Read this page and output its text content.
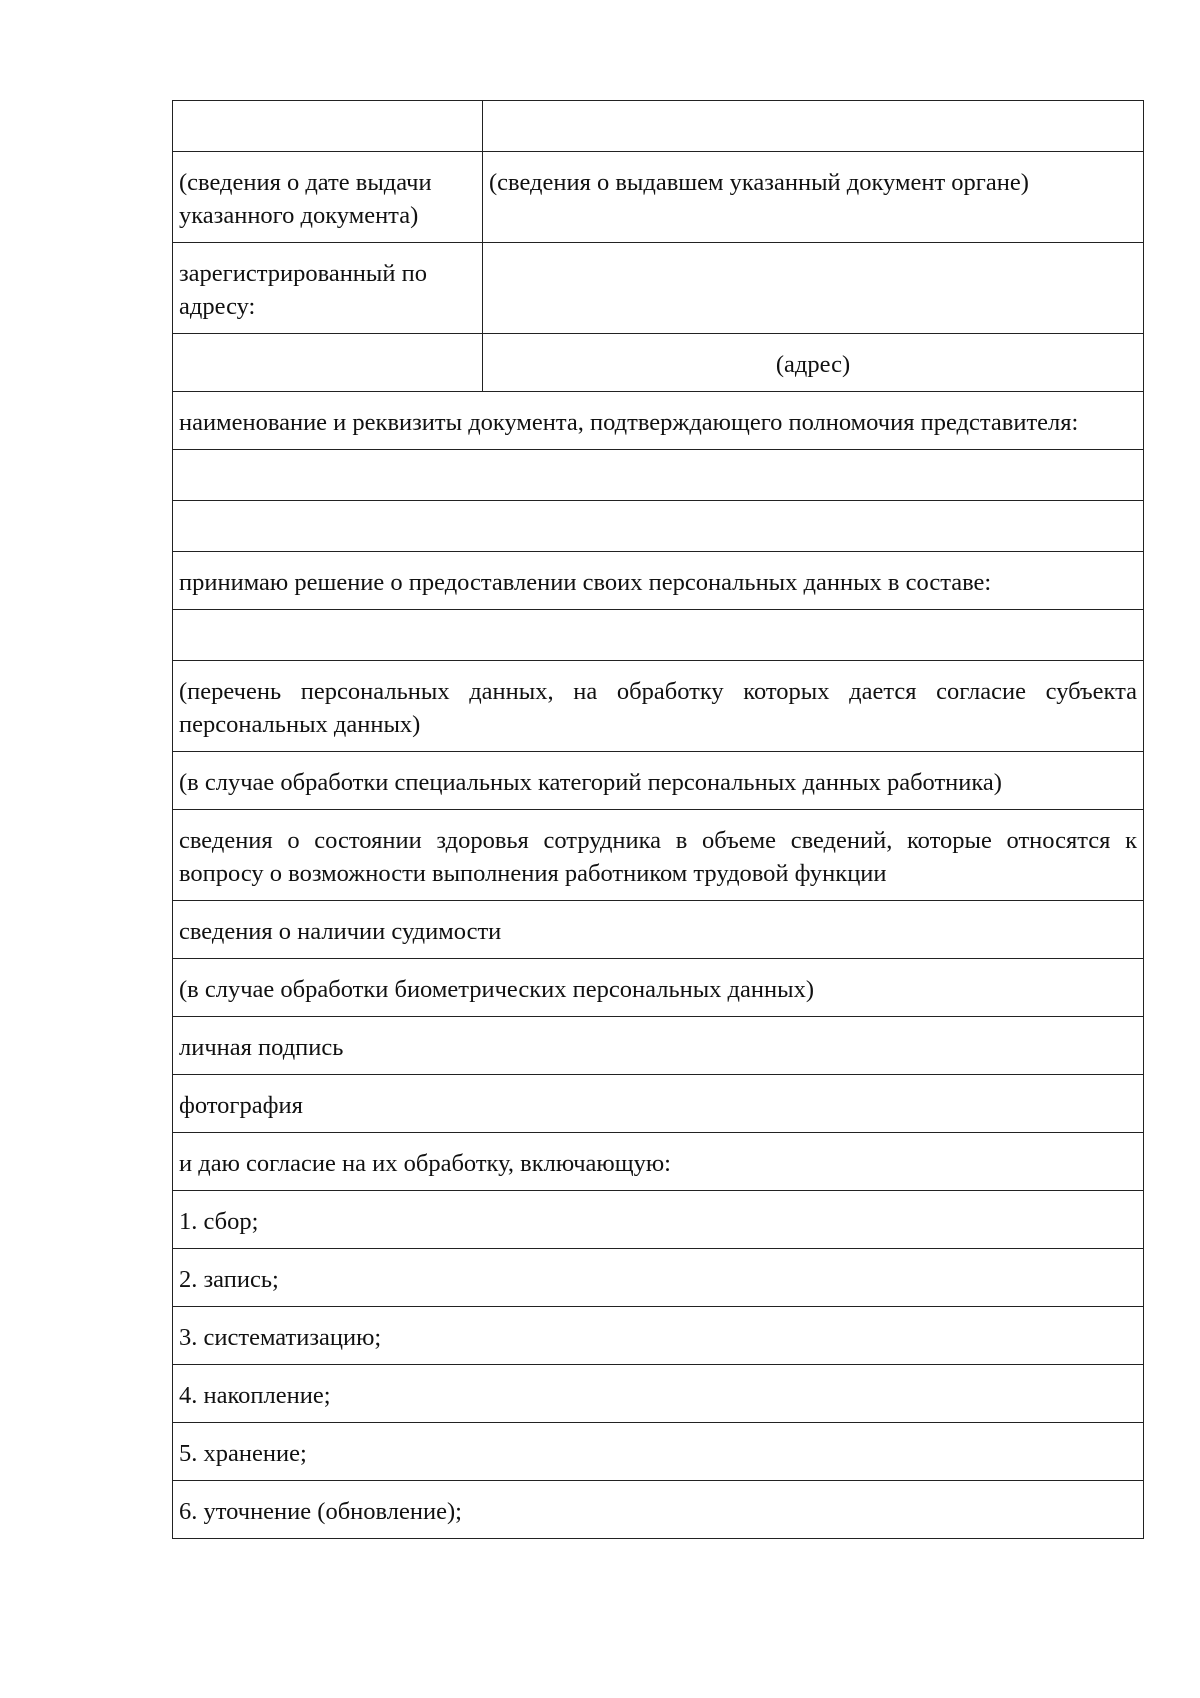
(сведения о дате выдачи указанного документа)	(сведения о выдавшем указанный документ органе)
зарегистрированный по адресу:	
	(адрес)
наименование и реквизиты документа, подтверждающего полномочия представителя:	

принимаю решение о предоставлении своих персональных данных в составе:	

(перечень персональных данных, на обработку которых дается согласие субъекта персональных данных)	
(в случае обработки специальных категорий персональных данных работника)	
сведения о состоянии здоровья сотрудника в объеме сведений, которые относятся к вопросу о возможности выполнения работником трудовой функции	
сведения о наличии судимости	
(в случае обработки биометрических персональных данных)	
личная подпись	
фотография	
и даю согласие на их обработку, включающую:	
1. сбор;	
2. запись;	
3. систематизацию;	
4. накопление;	
5. хранение;	
6. уточнение (обновление);	
